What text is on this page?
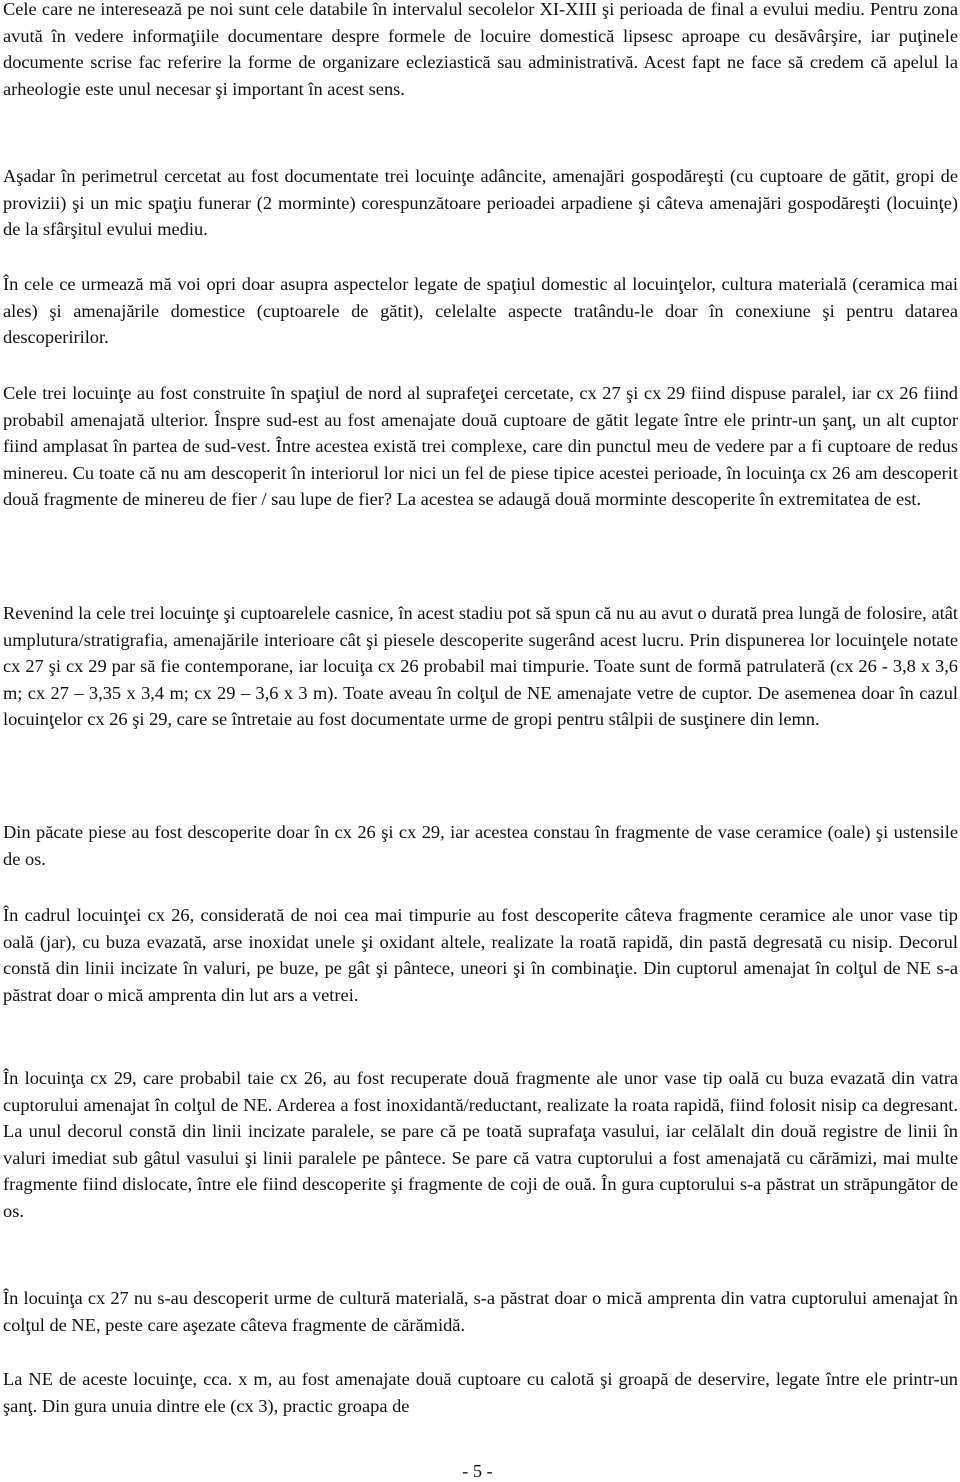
Cele care ne interesează pe noi sunt cele databile în intervalul secolelor XI-XIII şi perioada de final a evului mediu. Pentru zona avută în vedere informaţiile documentare despre formele de locuire domestică lipsesc aproape cu desăvârşire, iar puţinele documente scrise fac referire la forme de organizare ecleziastică sau administrativă. Acest fapt ne face să credem că apelul la arheologie este unul necesar şi important în acest sens.

Aşadar în perimetrul cercetat au fost documentate trei locuinţe adâncite, amenajări gospodăreşti (cu cuptoare de gătit, gropi de provizii) şi un mic spaţiu funerar (2 morminte) corespunzătoare perioadei arpadiene şi câteva amenajări gospodăreşti (locuinţe) de la sfârşitul evului mediu.

În cele ce urmează mă voi opri doar asupra aspectelor legate de spaţiul domestic al locuinţelor, cultura materială (ceramica mai ales) şi amenajările domestice (cuptoarele de gătit), celelalte aspecte tratându-le doar în conexiune şi pentru datarea descoperirilor.

Cele trei locuinţe au fost construite în spaţiul de nord al suprafeţei cercetate, cx 27 şi cx 29 fiind dispuse paralel, iar cx 26 fiind probabil amenajată ulterior. Înspre sud-est au fost amenajate două cuptoare de gătit legate între ele printr-un şanţ, un alt cuptor fiind amplasat în partea de sud-vest. Între acestea există trei complexe, care din punctul meu de vedere par a fi cuptoare de redus minereu. Cu toate că nu am descoperit în interiorul lor nici un fel de piese tipice acestei perioade, în locuinţa cx 26 am descoperit două fragmente de minereu de fier / sau lupe de fier? La acestea se adaugă două morminte descoperite în extremitatea de est.

Revenind la cele trei locuinţe şi cuptoarelele casnice, în acest stadiu pot să spun că nu au avut o durată prea lungă de folosire, atât umplutura/stratigrafia, amenajările interioare cât şi piesele descoperite sugerând acest lucru. Prin dispunerea lor locuinţele notate cx 27 şi cx 29 par să fie contemporane, iar locuiţa cx 26 probabil mai timpurie. Toate sunt de formă patrulateră (cx 26 - 3,8 x 3,6 m; cx 27 – 3,35 x 3,4 m; cx 29 – 3,6 x 3 m). Toate aveau în colţul de NE amenajate vetre de cuptor. De asemenea doar în cazul locuinţelor cx 26 şi 29, care se întretaie au fost documentate urme de gropi pentru stâlpii de susţinere din lemn.

Din păcate piese au fost descoperite doar în cx 26 şi cx 29, iar acestea constau în fragmente de vase ceramice (oale) şi ustensile de os.

În cadrul locuinţei cx 26, considerată de noi cea mai timpurie au fost descoperite câteva fragmente ceramice ale unor vase tip oală (jar), cu buza evazată, arse inoxidat unele şi oxidant altele, realizate la roată rapidă, din pastă degresată cu nisip. Decorul constă din linii incizate în valuri, pe buze, pe gât şi pântece, uneori şi în combinaţie. Din cuptorul amenajat în colţul de NE s-a păstrat doar o mică amprenta din lut ars a vetrei.

În locuinţa cx 29, care probabil taie cx 26, au fost recuperate două fragmente ale unor vase tip oală cu buza evazată din vatra cuptorului amenajat în colţul de NE. Arderea a fost inoxidantă/reductant, realizate la roata rapidă, fiind folosit nisip ca degresant. La unul decorul constă din linii incizate paralele, se pare că pe toată suprafaţa vasului, iar celălalt din două registre de linii în valuri imediat sub gâtul vasului şi linii paralele pe pântece. Se pare că vatra cuptorului a fost amenajată cu cărămizi, mai multe fragmente fiind dislocate, între ele fiind descoperite şi fragmente de coji de ouă. În gura cuptorului s-a păstrat un străpungător de os.

În locuinţa cx 27 nu s-au descoperit urme de cultură materială, s-a păstrat doar o mică amprenta din vatra cuptorului amenajat în colţul de NE, peste care aşezate câteva fragmente de cărămidă.

La NE de aceste locuinţe, cca. x m, au fost amenajate două cuptoare cu calotă şi groapă de deservire, legate între ele printr-un şanţ. Din gura unuia dintre ele (cx 3), practic groapa de

- 5 -
